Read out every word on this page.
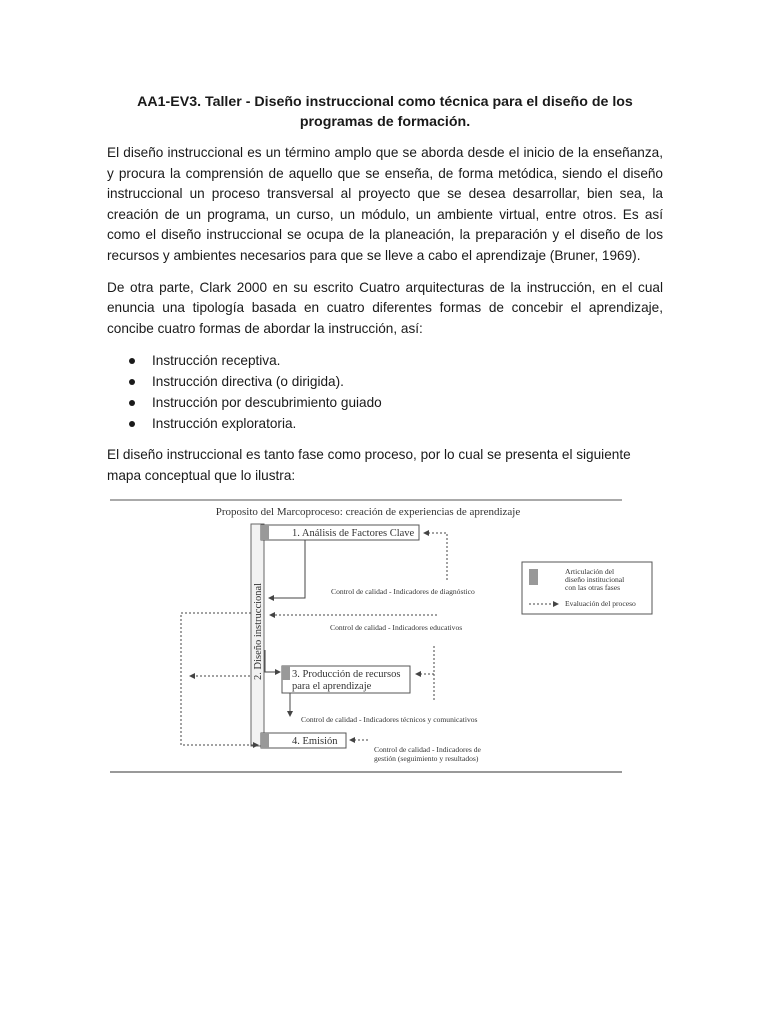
AA1-EV3. Taller - Diseño instruccional como técnica para el diseño de los programas de formación.

El diseño instruccional es un término amplo que se aborda desde el inicio de la enseñanza, y procura la comprensión de aquello que se enseña, de forma metódica, siendo el diseño instruccional un proceso transversal al proyecto que se desea desarrollar, bien sea, la creación de un programa, un curso, un módulo, un ambiente virtual, entre otros. Es así como el diseño instruccional se ocupa de la planeación, la preparación y el diseño de los recursos y ambientes necesarios para que se lleve a cabo el aprendizaje (Bruner, 1969).

De otra parte, Clark 2000 en su escrito Cuatro arquitecturas de la instrucción, en el cual enuncia una tipología basada en cuatro diferentes formas de concebir el aprendizaje, concibe cuatro formas de abordar la instrucción, así:

Instrucción receptiva.
Instrucción directiva (o dirigida).
Instrucción por descubrimiento guiado
Instrucción exploratoria.

El diseño instruccional es tanto fase como proceso, por lo cual se presenta el siguiente mapa conceptual que lo ilustra:

Proposito del Marcoproceso: creación de experiencias de aprendizaje
2. Diseño instruccional
1. Análisis de Factores Clave
3. Producción de recursos
para el aprendizaje
4. Emisión
Control de calidad - Indicadores de diagnóstico
Control de calidad - Indicadores educativos
Control de calidad - Indicadores técnicos y comunicativos
Control de calidad - Indicadores de
gestión (seguimiento y resultados)
Articulación del
diseño institucional
con las otras fases
Evaluación del proceso
